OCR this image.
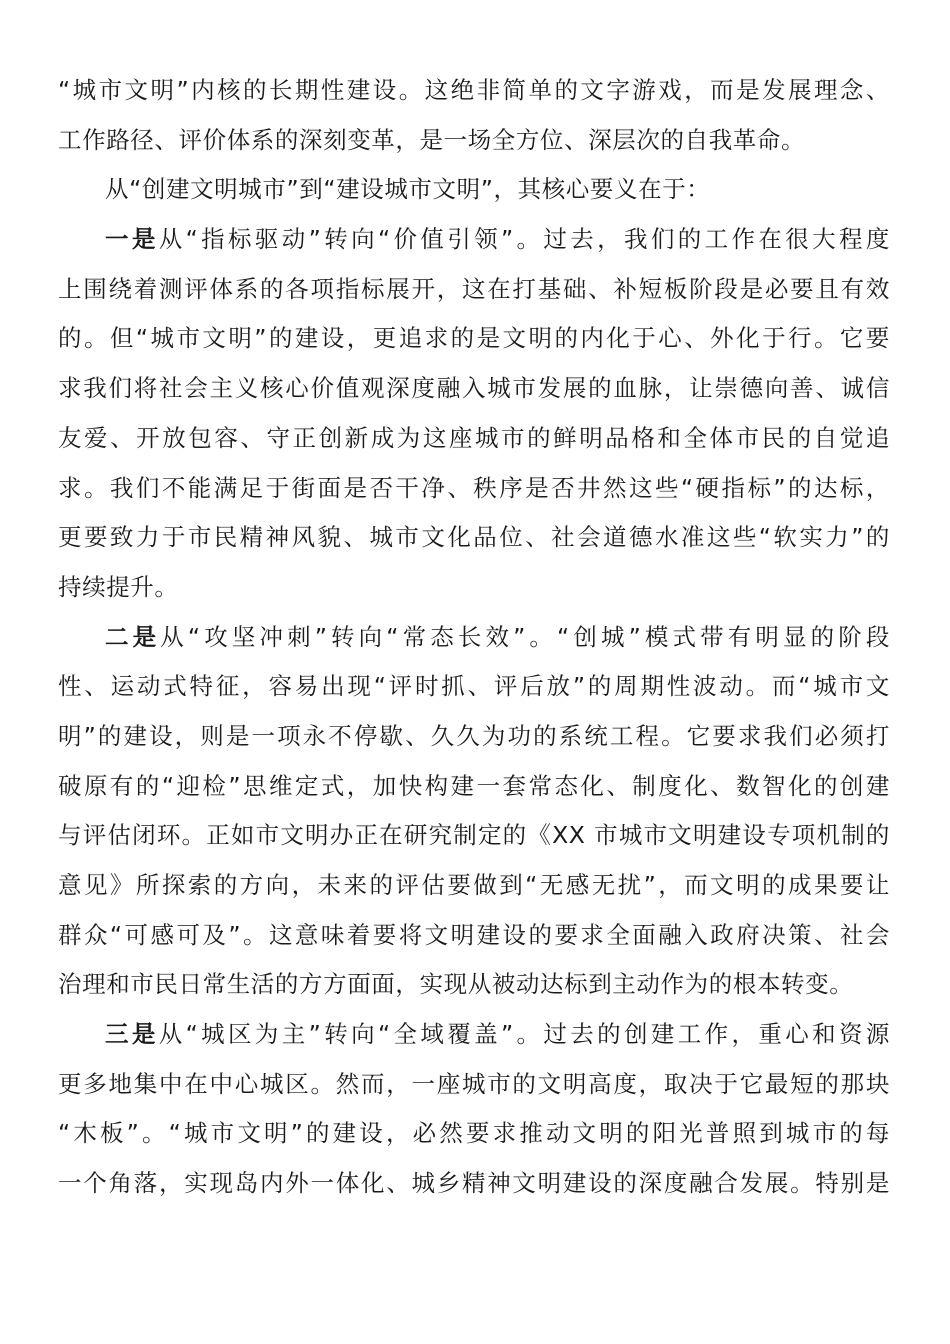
“城市文明”内核的长期性建设。这绝非简单的文字游戏，而是发展理念、
工作路径、评价体系的深刻变革，是一场全方位、深层次的自我革命。
从“创建文明城市”到“建设城市文明”，其核心要义在于：
一是从“指标驱动”转向“价值引领”。过去，我们的工作在很大程度
上围绕着测评体系的各项指标展开，这在打基础、补短板阶段是必要且有效
的。但“城市文明”的建设，更追求的是文明的内化于心、外化于行。它要
求我们将社会主义核心价值观深度融入城市发展的血脉，让崇德向善、诚信
友爱、开放包容、守正创新成为这座城市的鲜明品格和全体市民的自觉追
求。我们不能满足于街面是否干净、秩序是否井然这些“硬指标”的达标，
更要致力于市民精神风貌、城市文化品位、社会道德水准这些“软实力”的
持续提升。
二是从“攻坚冲刺”转向“常态长效”。“创城”模式带有明显的阶段
性、运动式特征，容易出现“评时抓、评后放”的周期性波动。而“城市文
明”的建设，则是一项永不停歇、久久为功的系统工程。它要求我们必须打
破原有的“迎检”思维定式，加快构建一套常态化、制度化、数智化的创建
与评估闭环。正如市文明办正在研究制定的《XX 市城市文明建设专项机制的
意见》所探索的方向，未来的评估要做到“无感无扰”，而文明的成果要让
群众“可感可及”。这意味着要将文明建设的要求全面融入政府决策、社会
治理和市民日常生活的方方面面，实现从被动达标到主动作为的根本转变。
三是从“城区为主”转向“全域覆盖”。过去的创建工作，重心和资源
更多地集中在中心城区。然而，一座城市的文明高度，取决于它最短的那块
“木板”。“城市文明”的建设，必然要求推动文明的阳光普照到城市的每
一个角落，实现岛内外一体化、城乡精神文明建设的深度融合发展。特别是
